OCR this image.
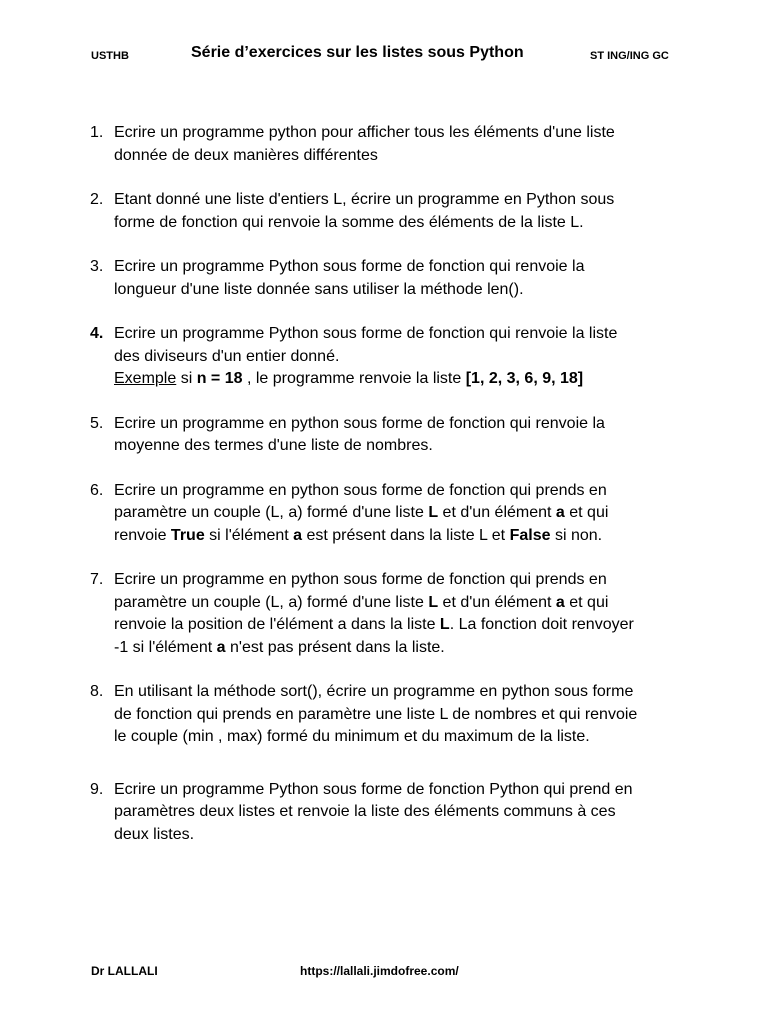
USTHB	Série d’exercices sur les listes sous Python	ST ING/ING GC
1. Ecrire un programme python pour afficher tous les éléments d'une liste
donnée de deux manières différentes
2. Etant donné une liste d'entiers L, écrire un programme en Python sous
forme de fonction qui renvoie la somme des éléments de la liste L.
3. Ecrire un programme Python sous forme de fonction qui renvoie la
longueur d'une liste donnée sans utiliser la méthode len().
4. Ecrire un programme Python sous forme de fonction qui renvoie la liste
des diviseurs d'un entier donné.
Exemple si n = 18 , le programme renvoie la liste [1, 2, 3, 6, 9, 18]
5. Ecrire un programme en python sous forme de fonction qui renvoie la
moyenne des termes d'une liste de nombres.
6. Ecrire un programme en python sous forme de fonction qui prends en
paramètre un couple (L, a) formé d'une liste L et d'un élément a et qui
renvoie True si l'élément a est présent dans la liste L et False si non.
7. Ecrire un programme en python sous forme de fonction qui prends en
paramètre un couple (L, a) formé d'une liste L et d'un élément a et qui
renvoie la position de l'élément a dans la liste L. La fonction doit renvoyer
-1 si l'élément a n'est pas présent dans la liste.
8. En utilisant la méthode sort(), écrire un programme en python sous forme
de fonction qui prends en paramètre une liste L de nombres et qui renvoie
le couple (min , max) formé du minimum et du maximum de la liste.
9. Ecrire un programme Python sous forme de fonction Python qui prend en
paramètres deux listes et renvoie la liste des éléments communs à ces
deux listes.
Dr LALLALI	https://lallali.jimdofree.com/
